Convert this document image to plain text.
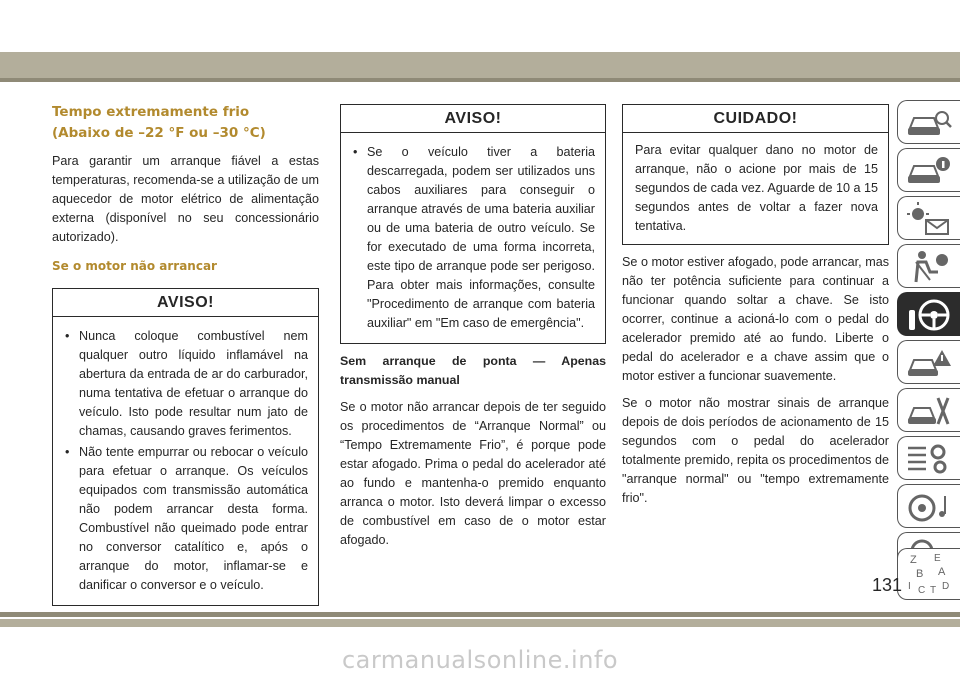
Tempo extremamente frio
(Abaixo de –22 °F ou –30 °C)

Para garantir um arranque fiável a estas temperaturas, recomenda-se a utilização de um aquecedor de motor elétrico de alimentação externa (disponível no seu concessionário autorizado).

Se o motor não arrancar
AVISO!
• Nunca coloque combustível nem qualquer outro líquido inflamável na abertura da entrada de ar do carburador, numa tentativa de efetuar o arranque do veículo. Isto pode resultar num jato de chamas, causando graves ferimentos.
• Não tente empurrar ou rebocar o veículo para efetuar o arranque. Os veículos equipados com transmissão automática não podem arrancar desta forma. Combustível não queimado pode entrar no conversor catalítico e, após o arranque do motor, inflamar-se e danificar o conversor e o veículo.
AVISO!
• Se o veículo tiver a bateria descarregada, podem ser utilizados uns cabos auxiliares para conseguir o arranque através de uma bateria auxiliar ou de uma bateria de outro veículo. Se for executado de uma forma incorreta, este tipo de arranque pode ser perigoso. Para obter mais informações, consulte "Procedimento de arranque com bateria auxiliar" em "Em caso de emergência".
Sem arranque de ponta — Apenas transmissão manual

Se o motor não arrancar depois de ter seguido os procedimentos de “Arranque Normal” ou “Tempo Extremamente Frio”, é porque pode estar afogado. Prima o pedal do acelerador até ao fundo e mantenha-o premido enquanto arranca o motor. Isto deverá limpar o excesso de combustível em caso de o motor estar afogado.

CUIDADO!

Para evitar qualquer dano no motor de arranque, não o acione por mais de 15 segundos de cada vez. Aguarde de 10 a 15 segundos antes de voltar a fazer nova tentativa.

Se o motor estiver afogado, pode arrancar, mas não ter potência suficiente para continuar a funcionar quando soltar a chave. Se isto ocorrer, continue a acioná-lo com o pedal do acelerador premido até ao fundo. Liberte o pedal do acelerador e a chave assim que o motor estiver a funcionar suavemente.

Se o motor não mostrar sinais de arranque depois de dois períodos de acionamento de 15 segundos com o pedal do acelerador totalmente premido, repita os procedimentos de "arranque normal" ou "tempo extremamente frio".

Z E
B A
D
I C T
131
carmanualsonline.info
